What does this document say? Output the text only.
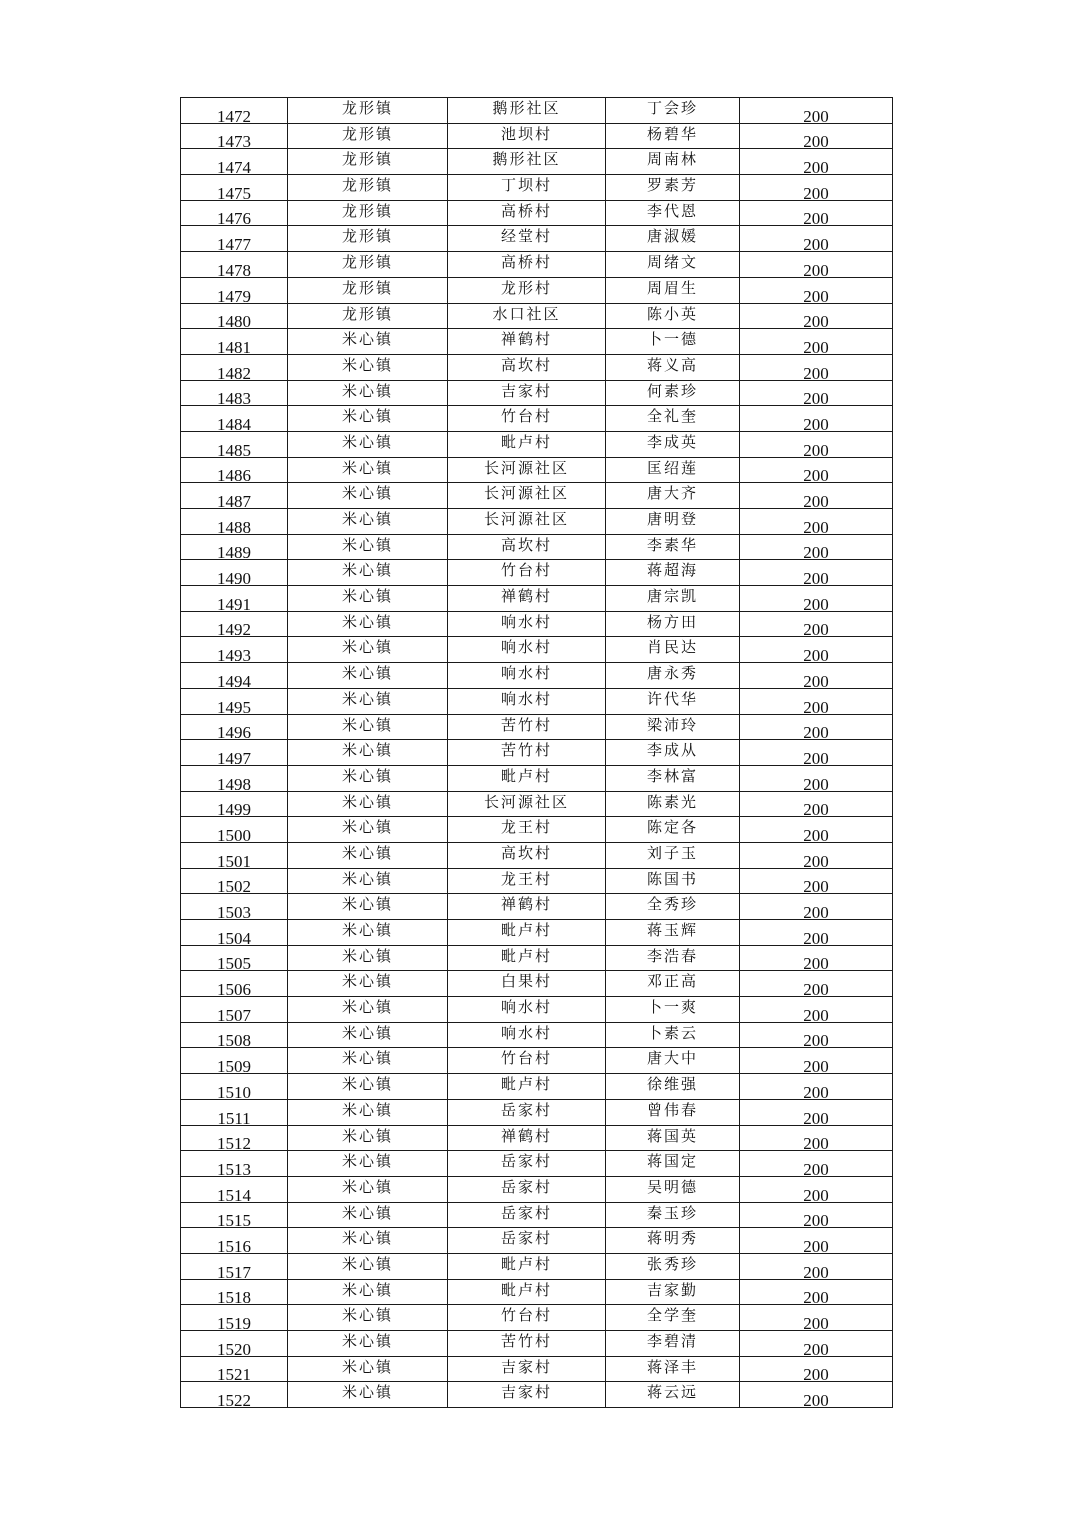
1472	龙形镇	鹅形社区	丁会珍	200
1473	龙形镇	池坝村	杨碧华	200
1474	龙形镇	鹅形社区	周南林	200
1475	龙形镇	丁坝村	罗素芳	200
1476	龙形镇	高桥村	李代恩	200
1477	龙形镇	经堂村	唐淑媛	200
1478	龙形镇	高桥村	周绪文	200
1479	龙形镇	龙形村	周眉生	200
1480	龙形镇	水口社区	陈小英	200
1481	米心镇	禅鹤村	卜一德	200
1482	米心镇	高坎村	蒋义高	200
1483	米心镇	吉家村	何素珍	200
1484	米心镇	竹台村	全礼奎	200
1485	米心镇	毗卢村	李成英	200
1486	米心镇	长河源社区	匡绍莲	200
1487	米心镇	长河源社区	唐大齐	200
1488	米心镇	长河源社区	唐明登	200
1489	米心镇	高坎村	李素华	200
1490	米心镇	竹台村	蒋超海	200
1491	米心镇	禅鹤村	唐宗凯	200
1492	米心镇	响水村	杨方田	200
1493	米心镇	响水村	肖民达	200
1494	米心镇	响水村	唐永秀	200
1495	米心镇	响水村	许代华	200
1496	米心镇	苦竹村	梁沛玲	200
1497	米心镇	苦竹村	李成从	200
1498	米心镇	毗卢村	李林富	200
1499	米心镇	长河源社区	陈素光	200
1500	米心镇	龙王村	陈定各	200
1501	米心镇	高坎村	刘子玉	200
1502	米心镇	龙王村	陈国书	200
1503	米心镇	禅鹤村	全秀珍	200
1504	米心镇	毗卢村	蒋玉辉	200
1505	米心镇	毗卢村	李浩春	200
1506	米心镇	白果村	邓正高	200
1507	米心镇	响水村	卜一爽	200
1508	米心镇	响水村	卜素云	200
1509	米心镇	竹台村	唐大中	200
1510	米心镇	毗卢村	徐维强	200
1511	米心镇	岳家村	曾伟春	200
1512	米心镇	禅鹤村	蒋国英	200
1513	米心镇	岳家村	蒋国定	200
1514	米心镇	岳家村	吴明德	200
1515	米心镇	岳家村	秦玉珍	200
1516	米心镇	岳家村	蒋明秀	200
1517	米心镇	毗卢村	张秀珍	200
1518	米心镇	毗卢村	吉家勤	200
1519	米心镇	竹台村	全学奎	200
1520	米心镇	苦竹村	李碧清	200
1521	米心镇	吉家村	蒋泽丰	200
1522	米心镇	吉家村	蒋云远	200
